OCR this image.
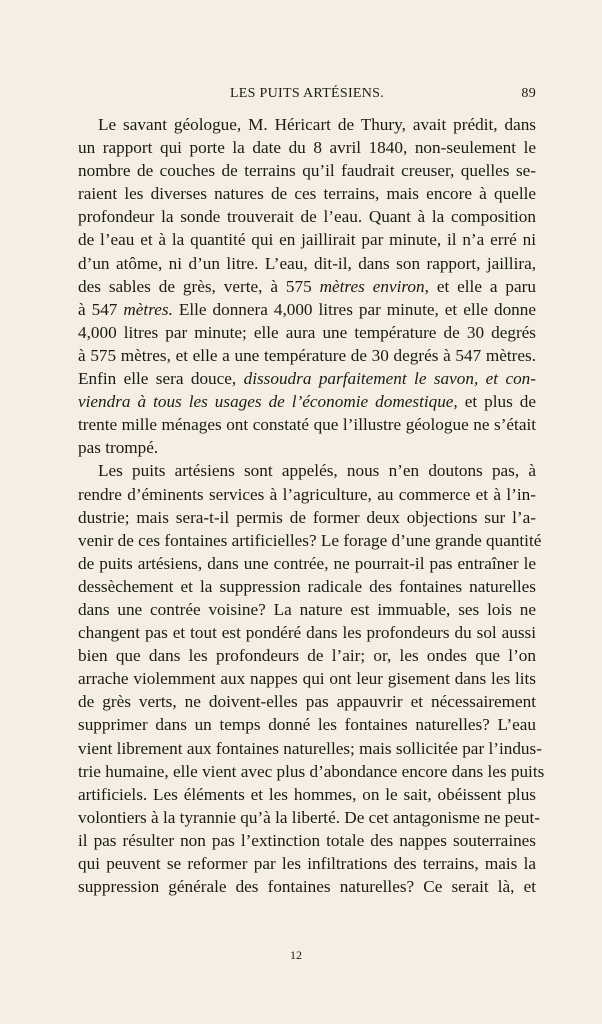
LES PUITS ARTÉSIENS.	89
Le savant géologue, M. Héricart de Thury, avait prédit, dans
un rapport qui porte la date du 8 avril 1840, non-seulement le
nombre de couches de terrains qu’il faudrait creuser, quelles se-
raient les diverses natures de ces terrains, mais encore à quelle
profondeur la sonde trouverait de l’eau. Quant à la composition
de l’eau et à la quantité qui en jaillirait par minute, il n’a erré ni
d’un atôme, ni d’un litre. L’eau, dit-il, dans son rapport, jaillira,
des sables de grès, verte, à 575 mètres environ, et elle a paru
à 547 mètres. Elle donnera 4,000 litres par minute, et elle donne
4,000 litres par minute; elle aura une température de 30 degrés
à 575 mètres, et elle a une température de 30 degrés à 547 mètres.
Enfin elle sera douce, dissoudra parfaitement le savon, et con-
viendra à tous les usages de l’économie domestique, et plus de
trente mille ménages ont constaté que l’illustre géologue ne s’était
pas trompé.
Les puits artésiens sont appelés, nous n’en doutons pas, à
rendre d’éminents services à l’agriculture, au commerce et à l’in-
dustrie; mais sera-t-il permis de former deux objections sur l’a-
venir de ces fontaines artificielles? Le forage d’une grande quantité
de puits artésiens, dans une contrée, ne pourrait-il pas entraîner le
dessèchement et la suppression radicale des fontaines naturelles
dans une contrée voisine? La nature est immuable, ses lois ne
changent pas et tout est pondéré dans les profondeurs du sol aussi
bien que dans les profondeurs de l’air; or, les ondes que l’on
arrache violemment aux nappes qui ont leur gisement dans les lits
de grès verts, ne doivent-elles pas appauvrir et nécessairement
supprimer dans un temps donné les fontaines naturelles? L’eau
vient librement aux fontaines naturelles; mais sollicitée par l’indus-
trie humaine, elle vient avec plus d’abondance encore dans les puits
artificiels. Les éléments et les hommes, on le sait, obéissent plus
volontiers à la tyrannie qu’à la liberté. De cet antagonisme ne peut-
il pas résulter non pas l’extinction totale des nappes souterraines
qui peuvent se reformer par les infiltrations des terrains, mais la
suppression générale des fontaines naturelles? Ce serait là, et
12
